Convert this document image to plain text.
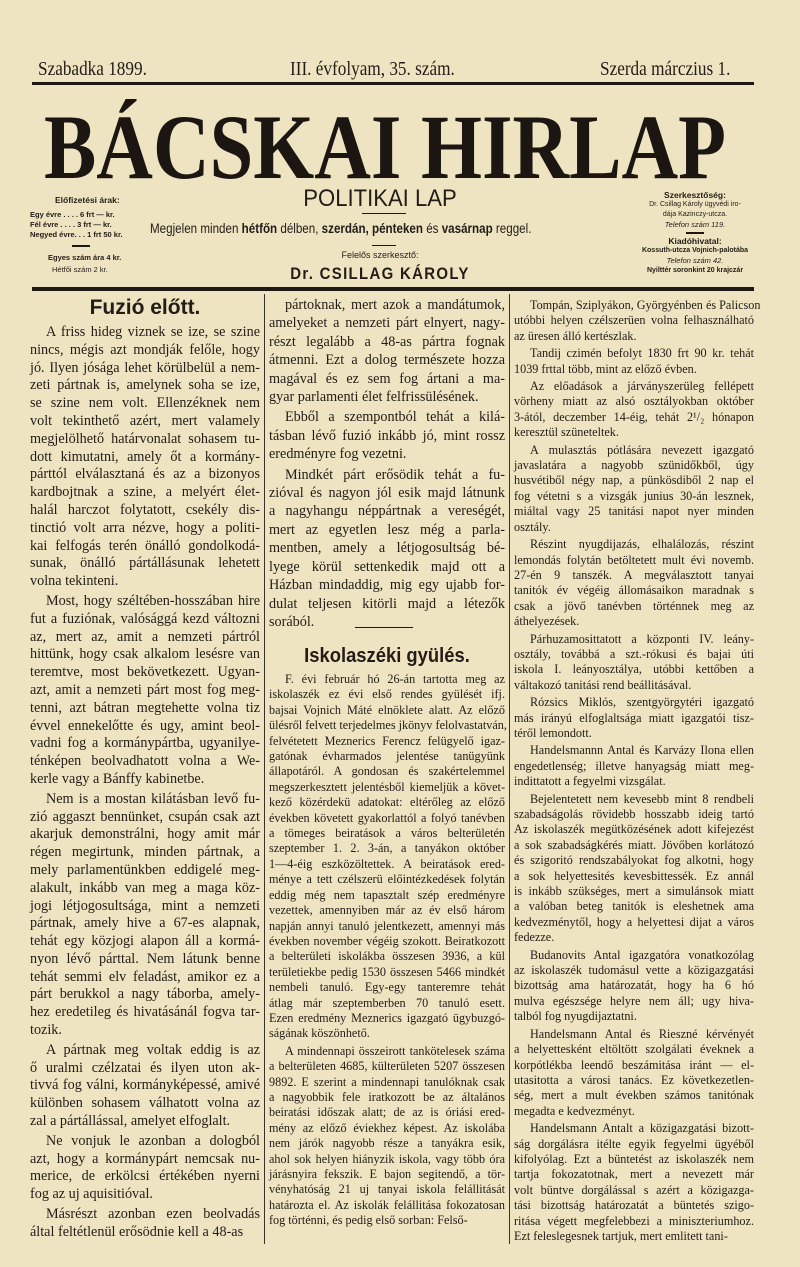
Szabadka 1899.	III. évfolyam, 35. szám.	Szerda márczius 1.
BÁCSKAI HIRLAP
Előfizetési árak:
Egy évre . . . . 6 frt — kr.
Fél évre . . . . 3 frt — kr.
Negyed évre. . . 1 frt 50 kr.
Egyes szám ára 4 kr.
Hétfői szám 2 kr.
POLITIKAI LAP
Megjelen minden hétfőn délben, szerdán, pénteken és vasárnap reggel.
Felelős szerkesztő:
Dr. CSILLAG KÁROLY
Szerkesztőség:
Dr. Csillag Károly ügyvédi iro-
dája Kazinczy-utcza.
Telefon szám 119.
Kiadóhivatal:
Kossuth-utcza Vojnich-palotába
Telefon szám 42.
Nyilttér soronkint 20 krajczár
Fuzió előtt.
A friss hideg viznek se ize, se szine
nincs, mégis azt mondják felőle, hogy
jó. Ilyen jósága lehet körülbelül a nem-
zeti pártnak is, amelynek soha se ize,
se szine nem volt. Ellenzéknek nem
volt tekinthető azért, mert valamely
megjelölhető határvonalat sohasem tu-
dott kimutatni, amely őt a kormány-
párttól elválasztaná és az a bizonyos
kardbojtnak a szine, a melyért élet-
halál harczot folytatott, csekély dis-
tinctió volt arra nézve, hogy a politi-
kai felfogás terén önálló gondolkodá-
sunak, önálló pártállásunak lehetett
volna tekinteni.
Most, hogy széltében-hosszában hire
fut a fuziónak, valósággá kezd változni
az, mert az, amit a nemzeti pártról
hittünk, hogy csak alkalom lesésre van
teremtve, most bekövetkezett. Ugyan-
azt, amit a nemzeti párt most fog meg-
tenni, azt bátran megtehette volna tiz
évvel ennekelőtte és ugy, amint beol-
vadni fog a kormánypártba, ugyanilye-
ténképen beolvadhatott volna a We-
kerle vagy a Bánffy kabinetbe.
Nem is a mostan kilátásban levő fu-
zió aggaszt bennünket, csupán csak azt
akarjuk demonstrálni, hogy amit már
régen megirtunk, minden pártnak, a
mely parlamentünkben eddigelé meg-
alakult, inkább van meg a maga köz-
jogi létjogosultsága, mint a nemzeti
pártnak, amely hive a 67-es alapnak,
tehát egy közjogi alapon áll a kormá-
nyon lévő párttal. Nem látunk benne
tehát semmi elv feladást, amikor ez a
párt berukkol a nagy táborba, amely-
hez eredetileg és hivatásánál fogva tar-
tozik.
A pártnak meg voltak eddig is az
ő uralmi czélzatai és ilyen uton ak-
tivvá fog válni, kormányképessé, amivé
különben sohasem válhatott volna az
zal a pártállással, amelyet elfoglalt.
Ne vonjuk le azonban a dologból
azt, hogy a kormánypárt nemcsak nu-
merice, de erkölcsi értékében nyerni
fog az uj aquisitióval.
Másrészt azonban ezen beolvadás
által feltétlenül erősödnie kell a 48-as
pártoknak, mert azok a mandátumok,
amelyeket a nemzeti párt elnyert, nagy-
részt legalább a 48-as pártra fognak
átmenni. Ezt a dolog természete hozza
magával és ez sem fog ártani a ma-
gyar parlamenti élet felfrissülésének.
Ebből a szempontból tehát a kilá-
tásban lévő fuzió inkább jó, mint rossz
eredményre fog vezetni.
Mindkét párt erősödik tehát a fu-
zióval és nagyon jól esik majd látnunk
a nagyhangu néppártnak a vereségét,
mert az egyetlen lesz még a parla-
mentben, amely a létjogosultság bé-
lyege körül settenkedik majd ott a
Házban mindaddig, mig egy ujabb for-
dulat teljesen kitörli majd a létezők
sorából.
Iskolaszéki gyülés.
F. évi február hó 26-án tartotta meg az
iskolaszék ez évi első rendes gyülését ifj.
bajsai Vojnich Máté elnöklete alatt. Az előző
ülésről felvett terjedelmes jkönyv felolvastatván,
felvétetett Meznerics Ferencz felügyelő igaz-
gatónak évharmados jelentése tanügyünk
állapotáról. A gondosan és szakértelemmel
megszerkesztett jelentésből kiemeljük a követ-
kező közérdekü adatokat: eltérőleg az előző
években követett gyakorlattól a folyó tanévben
a tömeges beiratások a város belterületén
szeptember 1. 2. 3-án, a tanyákon október
1—4-éig eszközöltettek. A beiratások ered-
ménye a tett czélszerü előintézkedések folytán
eddig még nem tapasztalt szép eredményre
vezettek, amennyiben már az év első három
napján annyi tanuló jelentkezett, amennyi más
években november végéig szokott. Beiratkozott
a belterületi iskolákba összesen 3936, a kül
területiekbe pedig 1530 összesen 5466 mindkét
nembeli tanuló. Egy-egy tanteremre tehát
átlag már szeptemberben 70 tanuló esett.
Ezen eredmény Meznerics igazgató ügybuzgó-
ságának köszönhető.
A mindennapi összeirott tankötelesek száma
a belterületen 4685, külterületen 5207 összesen
9892. E szerint a mindennapi tanulóknak csak
a nagyobbik fele iratkozott be az általános
beiratási időszak alatt; de az is óriási ered-
mény az előző éviekhez képest. Az iskolába
nem járók nagyobb része a tanyákra esik,
ahol sok helyen hiányzik iskola, vagy több óra
járásnyira fekszik. E bajon segitendő, a tör-
vényhatóság 21 uj tanyai iskola felállitását
határozta el. Az iskolák felállitása fokozatosan
fog történni, és pedig első sorban: Felső-
Tompán, Sziplyákon, Györgyénben és Palicson
utóbbi helyen czélszerüen volna felhasználható
az üresen álló kertészlak.
Tandij czimén befolyt 1830 frt 90 kr. tehát
1039 frttal több, mint az előző évben.
Az előadások a járványszerüleg fellépett
vörheny miatt az alsó osztályokban október
3-ától, deczember 14-éig, tehát 2¹/₂ hónapon
keresztül szüneteltek.
A mulasztás pótlására nevezett igazgató
javaslatára a nagyobb szünidőkből, úgy
husvétiből négy nap, a pünkösdiből 2 nap el
fog vétetni s a vizsgák junius 30-án lesznek,
miáltal vagy 25 tanitási napot nyer minden
osztály.
Részint nyugdijazás, elhalálozás, részint
lemondás folytán betöltetett mult évi novemb.
27-én 9 tanszék. A megválasztott tanyai
tanitók év végéig állomásaikon maradnak s
csak a jövő tanévben történnek meg az
áthelyezések.
Párhuzamosittatott a központi IV. leány-
osztály, továbbá a szt.-rókusi és bajai úti
iskola I. leányosztálya, utóbbi kettőben a
váltakozó tanitási rend beállitásával.
Rózsics Miklós, szentgyörgytéri igazgató
más irányú elfoglaltsága miatt igazgatói tisz-
téről lemondott.
Handelsmannn Antal és Karvázy Ilona ellen
engedetlenség; illetve hanyagság miatt meg-
indittatott a fegyelmi vizsgálat.
Bejelentetett nem kevesebb mint 8 rendbeli
szabadságolás rövidebb hosszabb ideig tartó
Az iskolaszék megütközésének adott kifejezést
a sok szabadságkérés miatt. Jövőben korlátozó
és szigoritó rendszabályokat fog alkotni, hogy
a sok helyettesités kevesbittessék. Ez annál
is inkább szükséges, mert a simulánsok miatt
a valóban beteg tanitók is eleshetnek ama
kedvezménytől, hogy a helyettesi dijat a város
fedezze.
Budanovits Antal igazgatóra vonatkozólag
az iskolaszék tudomásul vette a közigazgatási
bizottság ama határozatát, hogy ha 6 hó
mulva egészsége helyre nem áll; ugy hiva-
talból fog nyugdijaztatni.
Handelsmann Antal és Rieszné kérvényét
a helyettesként eltöltött szolgálati éveknek a
korpótlékba leendő beszámitása iránt — el-
utasitotta a városi tanács. Ez következetlen-
ség, mert a mult években számos tanitónak
megadta e kedvezményt.
Handelsmann Antalt a közigazgatási bizott-
ság dorgálásra itélte egyik fegyelmi ügyéből
kifolyólag. Ezt a büntetést az iskolaszék nem
tartja fokozatotnak, mert a nevezett már
volt büntve dorgálással s azért a közigazga-
tási bizottság határozatát a büntetés szigo-
ritása végett megfelebbezi a miniszteriumhoz.
Ezt feleslegesnek tartjuk, mert emlitett tani-
